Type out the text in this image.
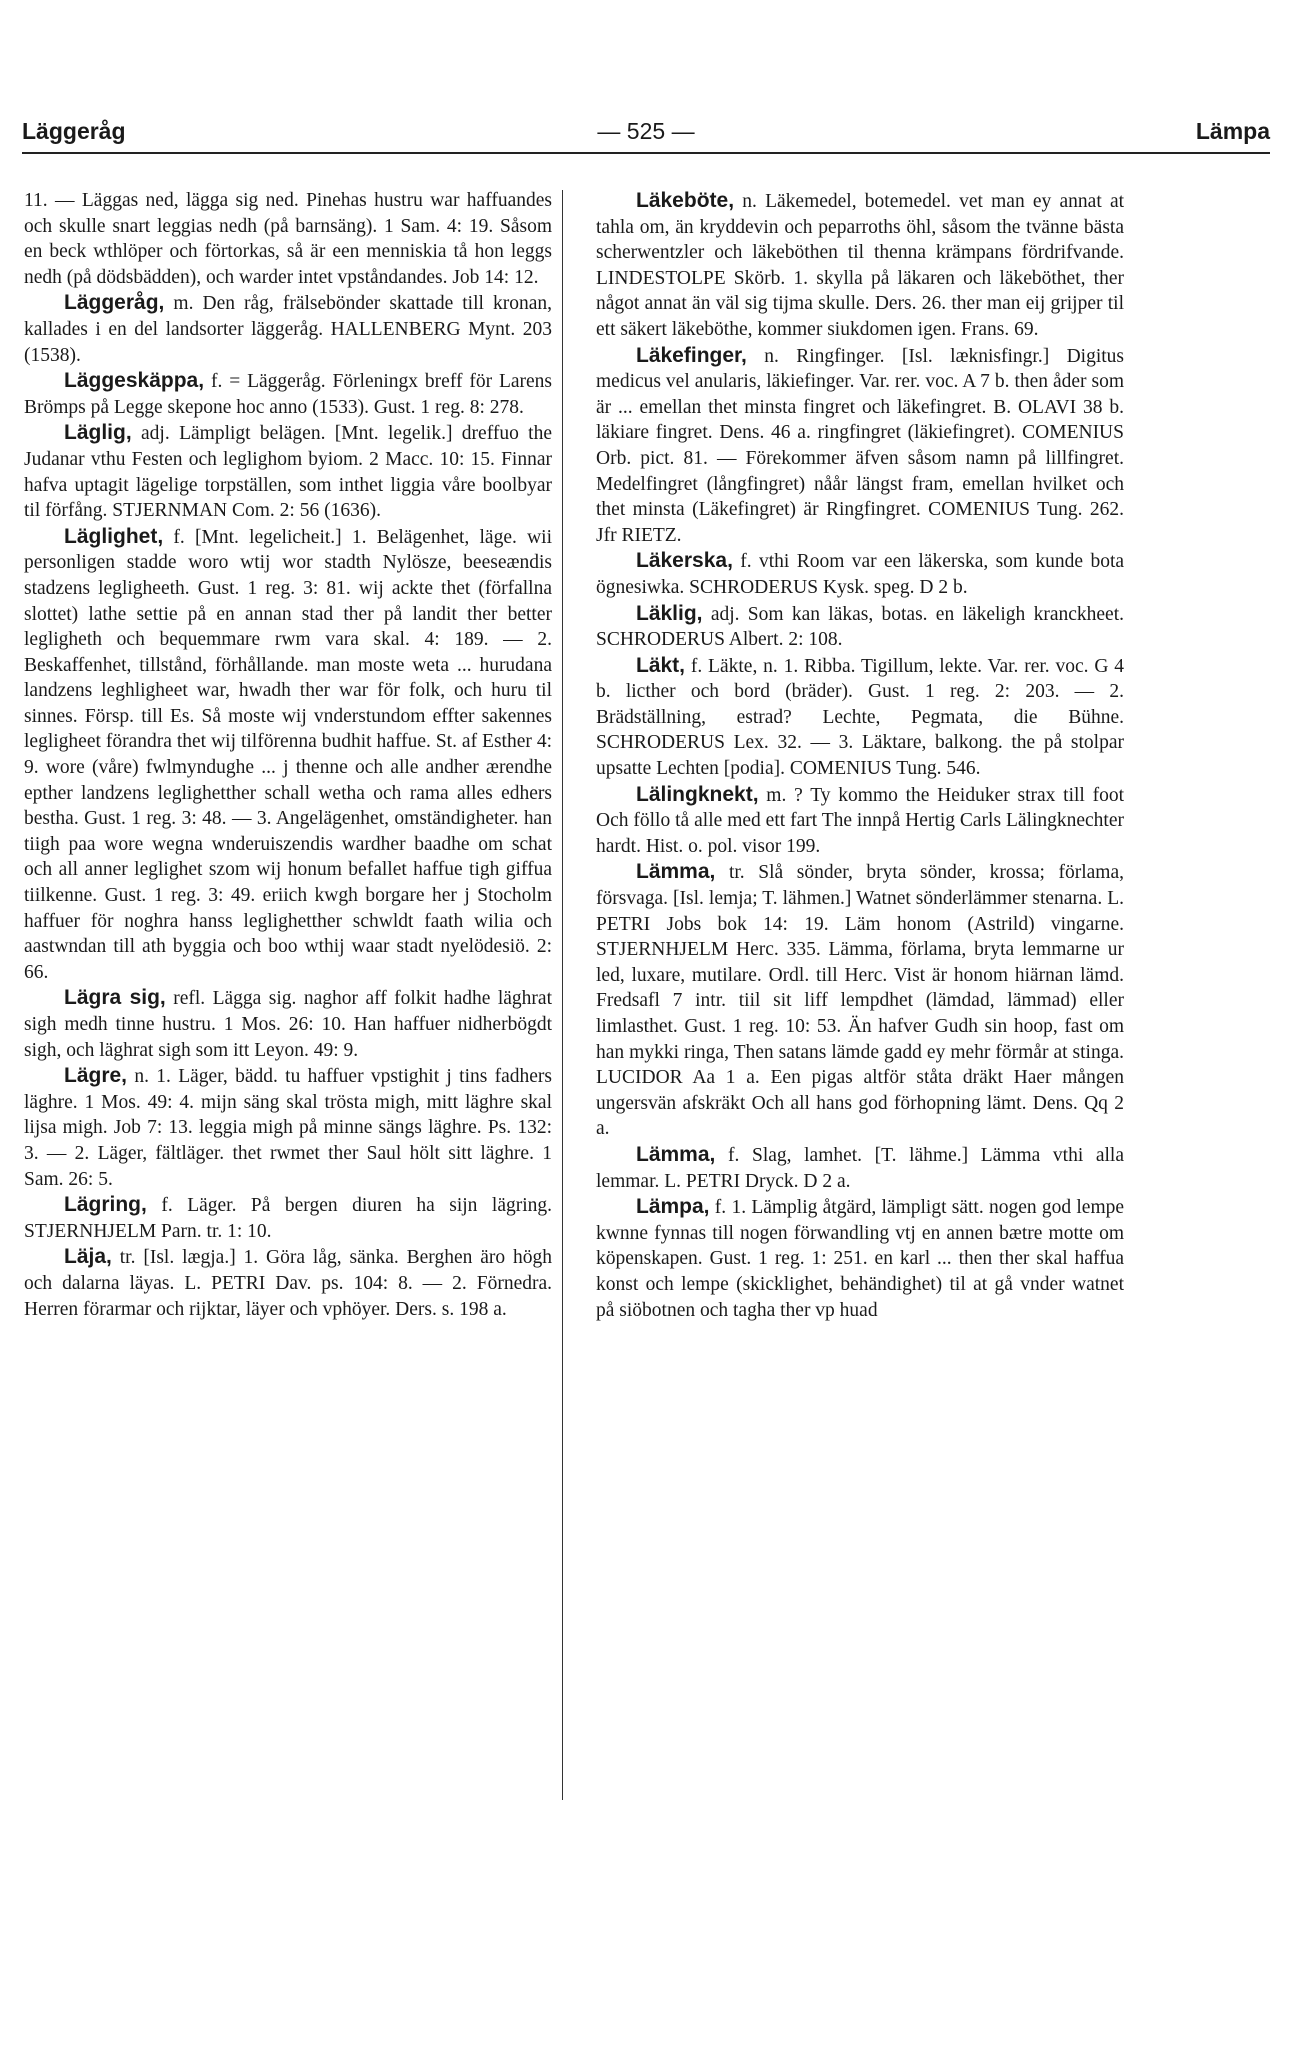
Läggeråg	— 525 —	Lämpa

11. — Läggas ned, lägga sig ned. Pinehas hustru war haffuandes och skulle snart leggias nedh (på barnsäng). 1 Sam. 4: 19. Såsom en beck wthlöper och förtorkas, så är een menniskia tå hon leggs nedh (på dödsbädden), och warder intet vpståndandes. Job 14: 12.

Läggeråg, m. Den råg, frälsebönder skattade till kronan, kallades i en del landsorter läggeråg. HALLENBERG Mynt. 203 (1538).

Läggeskäppa, f. = Läggeråg. Förleningx breff för Larens Brömps på Legge skepone hoc anno (1533). Gust. 1 reg. 8: 278.

Läglig, adj. Lämpligt belägen. [Mnt. legelik.] dreffuo the Judanar vthu Festen och leglighom byiom. 2 Macc. 10: 15. Finnar hafva uptagit lägelige torpställen, som inthet liggia våre boolbyar til förfång. STJERNMAN Com. 2: 56 (1636).

Läglighet, f. [Mnt. legelicheit.] 1. Belägenhet, läge. wii personligen stadde woro wtij wor stadth Nylösze, beeseændis stadzens legligheeth. Gust. 1 reg. 3: 81. wij ackte thet (förfallna slottet) lathe settie på en annan stad ther på landit ther better legligheth och bequemmare rwm vara skal. 4: 189. — 2. Beskaffenhet, tillstånd, förhållande. man moste weta ... hurudana landzens leghligheet war, hwadh ther war för folk, och huru til sinnes. Försp. till Es. Så moste wij vnderstundom effter sakennes legligheet förandra thet wij tilförenna budhit haffue. St. af Esther 4: 9. wore (våre) fwlmyndughe ... j thenne och alle andher ærendhe epther landzens leglighetther schall wetha och rama alles edhers bestha. Gust. 1 reg. 3: 48. — 3. Angelägenhet, omständigheter. han tiigh paa wore wegna wnderuiszendis wardher baadhe om schat och all anner leglighet szom wij honum befallet haffue tigh giffua tiilkenne. Gust. 1 reg. 3: 49. eriich kwgh borgare her j Stocholm haffuer för noghra hanss leglighetther schwldt faath wilia och aastwndan till ath byggia och boo wthij waar stadt nyelödesiö. 2: 66.

Lägra sig, refl. Lägga sig. naghor aff folkit hadhe läghrat sigh medh tinne hustru. 1 Mos. 26: 10. Han haffuer nidherbögdt sigh, och läghrat sigh som itt Leyon. 49: 9.

Lägre, n. 1. Läger, bädd. tu haffuer vpstighit j tins fadhers läghre. 1 Mos. 49: 4. mijn säng skal trösta migh, mitt läghre skal lijsa migh. Job 7: 13. leggia migh på minne sängs läghre. Ps. 132: 3. — 2. Läger, fältläger. thet rwmet ther Saul hölt sitt läghre. 1 Sam. 26: 5.

Lägring, f. Läger. På bergen diuren ha sijn lägring. STJERNHJELM Parn. tr. 1: 10.

Läja, tr. [Isl. lægja.] 1. Göra låg, sänka. Berghen äro högh och dalarna läyas. L. PETRI Dav. ps. 104: 8. — 2. Förnedra. Herren förarmar och rijktar, läyer och vphöyer. Ders. s. 198 a.

Läkeböte, n. Läkemedel, botemedel. vet man ey annat at tahla om, än kryddevin och peparroths öhl, såsom the tvänne bästa scherwentzler och läkeböthen til thenna krämpans fördrifvande. LINDESTOLPE Skörb. 1. skylla på läkaren och läkeböthet, ther något annat än väl sig tijma skulle. Ders. 26. ther man eij grijper til ett säkert läkeböthe, kommer siukdomen igen. Frans. 69.

Läkefinger, n. Ringfinger. [Isl. læknisfingr.] Digitus medicus vel anularis, läkiefinger. Var. rer. voc. A 7 b. then åder som är ... emellan thet minsta fingret och läkefingret. B. OLAVI 38 b. läkiare fingret. Dens. 46 a. ringfingret (läkiefingret). COMENIUS Orb. pict. 81. — Förekommer äfven såsom namn på lillfingret. Medelfingret (långfingret) nåår längst fram, emellan hvilket och thet minsta (Läkefingret) är Ringfingret. COMENIUS Tung. 262. Jfr RIETZ.

Läkerska, f. vthi Room var een läkerska, som kunde bota ögnesiwka. SCHRODERUS Kysk. speg. D 2 b.

Läklig, adj. Som kan läkas, botas. en läkeligh kranckheet. SCHRODERUS Albert. 2: 108.

Läkt, f. Läkte, n. 1. Ribba. Tigillum, lekte. Var. rer. voc. G 4 b. licther och bord (bräder). Gust. 1 reg. 2: 203. — 2. Brädställning, estrad? Lechte, Pegmata, die Bühne. SCHRODERUS Lex. 32. — 3. Läktare, balkong. the på stolpar upsatte Lechten [podia]. COMENIUS Tung. 546.

Lälingknekt, m. ? Ty kommo the Heiduker strax till foot Och föllo tå alle med ett fart The innpå Hertig Carls Lälingknechter hardt. Hist. o. pol. visor 199.

Lämma, tr. Slå sönder, bryta sönder, krossa; förlama, försvaga. [Isl. lemja; T. lähmen.] Watnet sönderlämmer stenarna. L. PETRI Jobs bok 14: 19. Läm honom (Astrild) vingarne. STJERNHJELM Herc. 335. Lämma, förlama, bryta lemmarne ur led, luxare, mutilare. Ordl. till Herc. Vist är honom hiärnan lämd. Fredsafl 7 intr. tiil sit liff lempdhet (lämdad, lämmad) eller limlasthet. Gust. 1 reg. 10: 53. Än hafver Gudh sin hoop, fast om han mykki ringa, Then satans lämde gadd ey mehr förmår at stinga. LUCIDOR Aa 1 a. Een pigas altför ståta dräkt Haer mången ungersvän afskräkt Och all hans god förhopning lämt. Dens. Qq 2 a.

Lämma, f. Slag, lamhet. [T. lähme.] Lämma vthi alla lemmar. L. PETRI Dryck. D 2 a.

Lämpa, f. 1. Lämplig åtgärd, lämpligt sätt. nogen god lempe kwnne fynnas till nogen förwandling vtj en annen bætre motte om köpenskapen. Gust. 1 reg. 1: 251. en karl ... then ther skal haffua konst och lempe (skicklighet, behändighet) til at gå vnder watnet på siöbotnen och tagha ther vp huad
